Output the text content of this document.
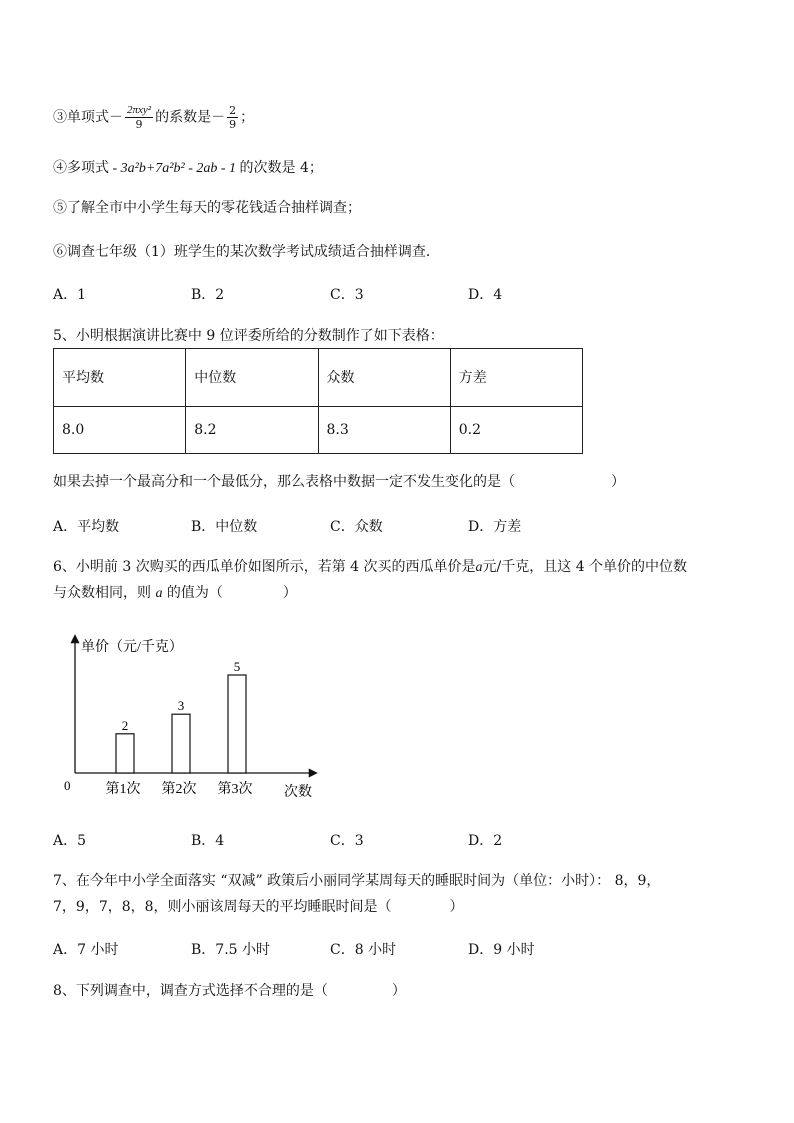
③单项式－ $\frac{\text{2πxy²}}{9}$ 的系数是－ $\frac{2}{9}$ ；
④多项式 - 3a²b+7a²b² - 2ab - 1 的次数是 4；
⑤了解全市中小学生每天的零花钱适合抽样调查；
⑥调查七年级（1）班学生的某次数学考试成绩适合抽样调查．
A．1	B．2	C．3	D．4
5、小明根据演讲比赛中 9 位评委所给的分数制作了如下表格：
平均数	中位数	众数	方差
8.0	8.2	8.3	0.2
如果去掉一个最高分和一个最低分，那么表格中数据一定不发生变化的是（	）
A．平均数	B．中位数	C．众数	D．方差
6、小明前 3 次购买的西瓜单价如图所示，若第 4 次买的西瓜单价是a元/千克，且这 4 个单价的中位数
与众数相同，则 a 的值为（	）
单价（元/千克）
次数
0
2
第1次
3
第2次
5
第3次
A．5	B．4	C．3	D．2
7、在今年中小学全面落实 “双减” 政策后小丽同学某周每天的睡眠时间为（单位：小时）： 8，9，
7，9，7，8，8，则小丽该周每天的平均睡眠时间是（	）
A．7 小时	B．7.5 小时	C．8 小时	D．9 小时
8、下列调查中，调查方式选择不合理的是（	）
